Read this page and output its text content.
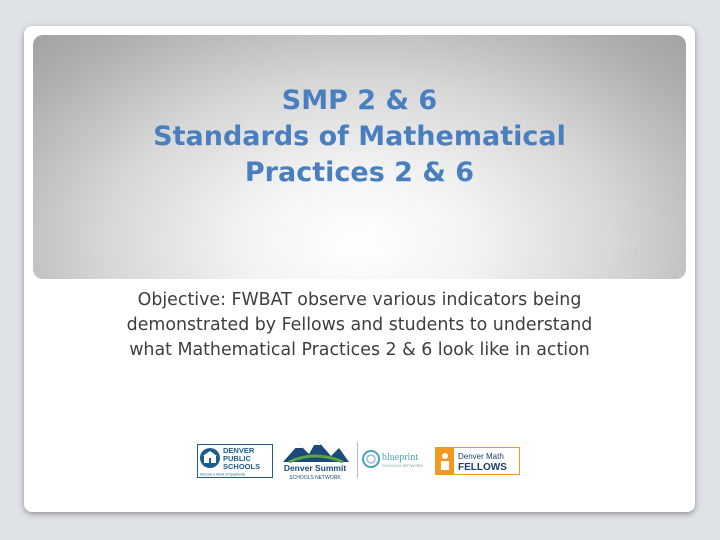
SMP 2 & 6
Standards of Mathematical
Practices 2 & 6
Objective: FWBAT observe various indicators being
demonstrated by Fellows and students to understand
what Mathematical Practices 2 & 6 look like in action
DENVER
PUBLIC
SCHOOLS
Discover a World of Opportunity
Denver Summit
SCHOOLS NETWORK
blueprint
SCHOOLS NETWORK
Denver Math
FELLOWS
